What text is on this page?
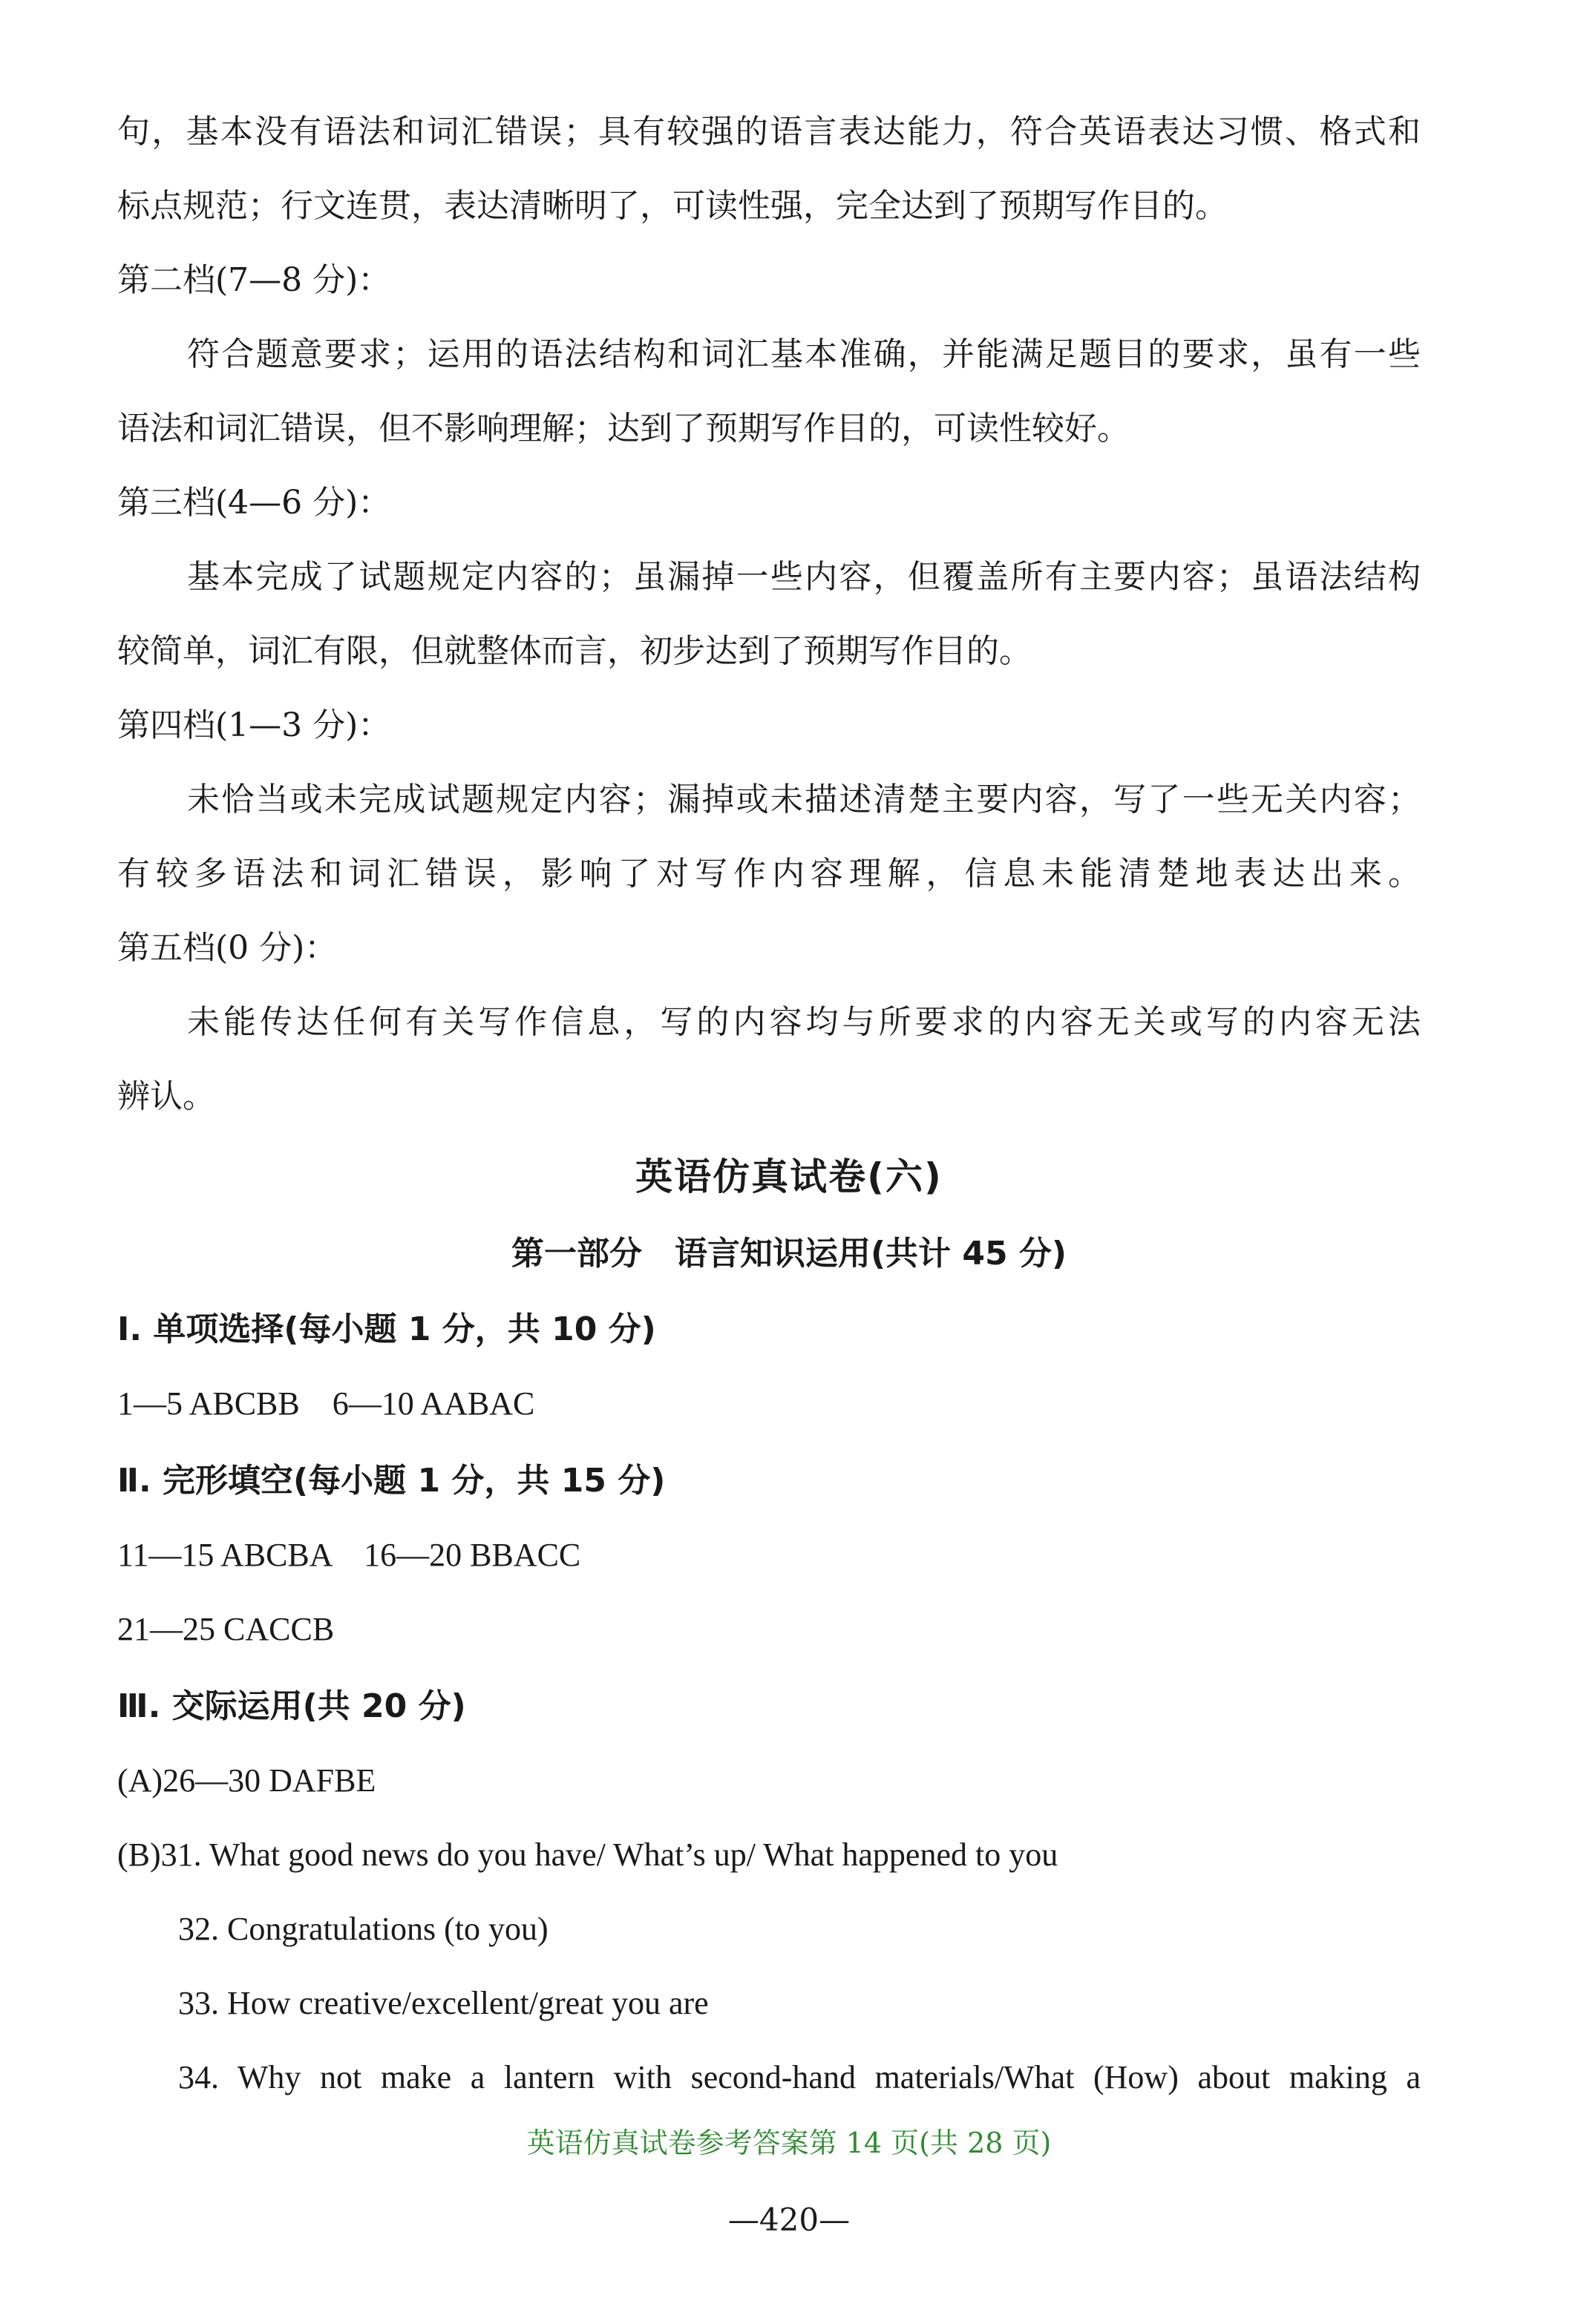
句，基本没有语法和词汇错误；具有较强的语言表达能力，符合英语表达习惯、格式和
标点规范；行文连贯，表达清晰明了，可读性强，完全达到了预期写作目的。
第二档(7—8 分)：
符合题意要求；运用的语法结构和词汇基本准确，并能满足题目的要求，虽有一些
语法和词汇错误，但不影响理解；达到了预期写作目的，可读性较好。
第三档(4—6 分)：
基本完成了试题规定内容的；虽漏掉一些内容，但覆盖所有主要内容；虽语法结构
较简单，词汇有限，但就整体而言，初步达到了预期写作目的。
第四档(1—3 分)：
未恰当或未完成试题规定内容；漏掉或未描述清楚主要内容，写了一些无关内容；
有较多语法和词汇错误，影响了对写作内容理解，信息未能清楚地表达出来。
第五档(0 分)：
未能传达任何有关写作信息，写的内容均与所要求的内容无关或写的内容无法
辨认。
英语仿真试卷(六)
第一部分　语言知识运用(共计 45 分)
Ⅰ. 单项选择(每小题 1 分，共 10 分)
1—5 ABCBB　6—10 AABAC
Ⅱ. 完形填空(每小题 1 分，共 15 分)
11—15 ABCBA　16—20 BBACC
21—25 CACCB
Ⅲ. 交际运用(共 20 分)
(A)26—30 DAFBE
(B)31. What good news do you have/ What’s up/ What happened to you
32. Congratulations (to you)
33. How creative/excellent/great you are
34. Why not make a lantern with second-hand materials/What (How) about making a
英语仿真试卷参考答案第 14 页(共 28 页)
—420—
